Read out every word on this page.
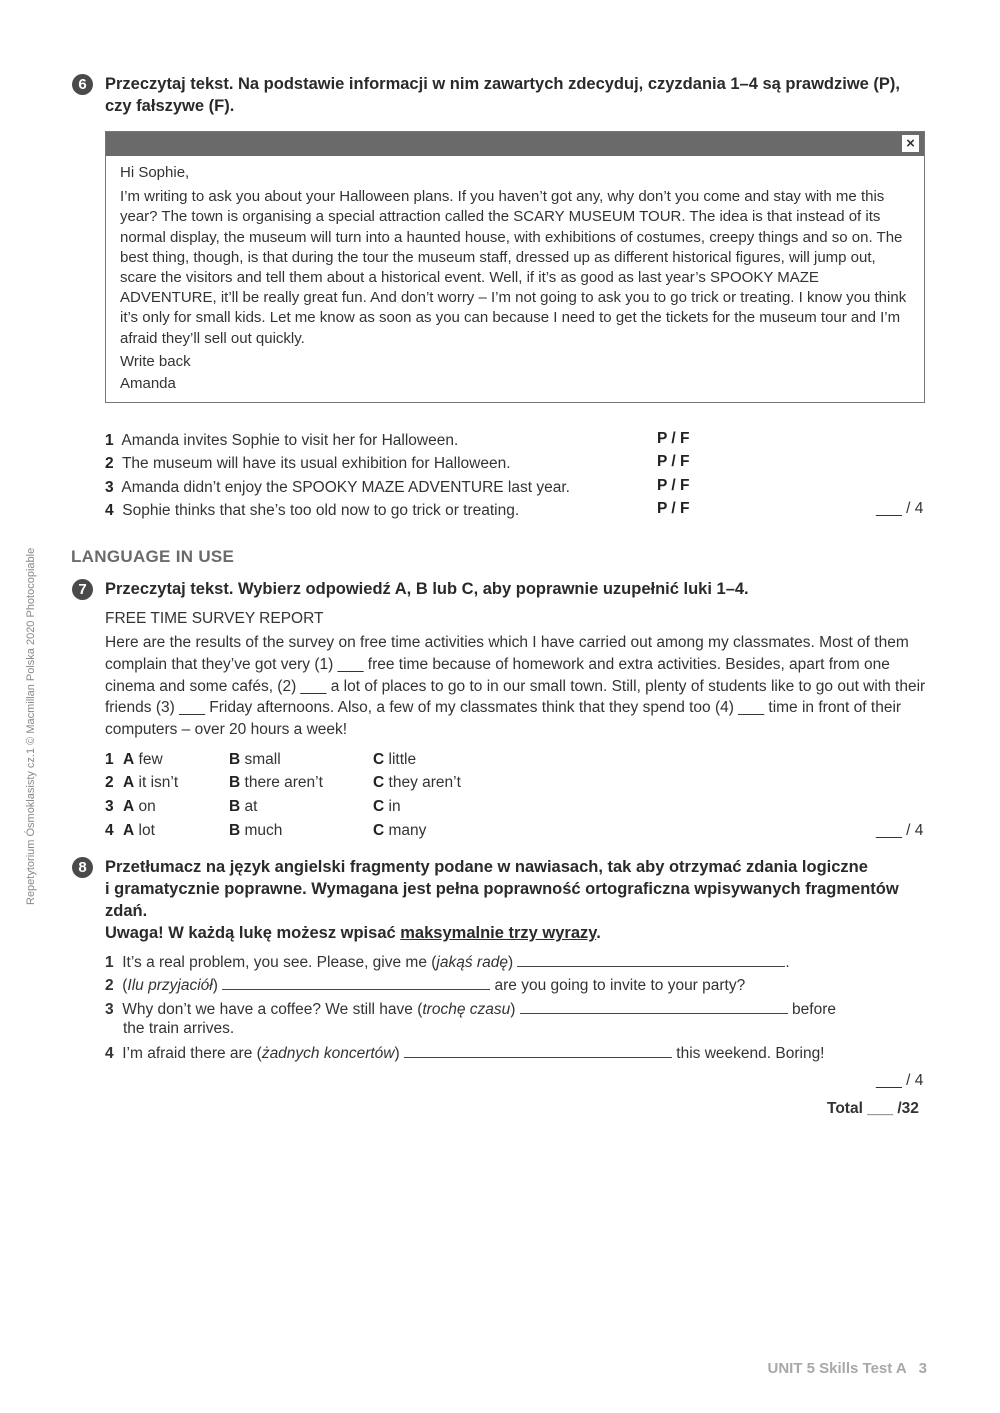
6	Przeczytaj tekst. Na podstawie informacji w nim zawartych zdecyduj, czyzdania 1–4 są prawdziwe (P),
czy fałszywe (F).
×

Hi Sophie,

I’m writing to ask you about your Halloween plans. If you haven’t got any, why don’t you come and stay with me this year? The town is organising a special attraction called the SCARY MUSEUM TOUR. The idea is that instead of its normal display, the museum will turn into a haunted house, with exhibitions of costumes, creepy things and so on. The best thing, though, is that during the tour the museum staff, dressed up as different historical figures, will jump out, scare the visitors and tell them about a historical event. Well, if it’s as good as last year’s SPOOKY MAZE ADVENTURE, it’ll be really great fun. And don’t worry – I’m not going to ask you to go trick or treating. I know you think it’s only for small kids. Let me know as soon as you can because I need to get the tickets for the museum tour and I’m afraid they’ll sell out quickly.

Write back

Amanda

1 Amanda invites Sophie to visit her for Halloween.	P / F
2 The museum will have its usual exhibition for Halloween.	P / F
3 Amanda didn’t enjoy the SPOOKY MAZE ADVENTURE last year.	P / F
4 Sophie thinks that she’s too old now to go trick or treating.	P / F	___ / 4
LANGUAGE IN USE
7	Przeczytaj tekst. Wybierz odpowiedź A, B lub C, aby poprawnie uzupełnić luki 1–4.
FREE TIME SURVEY REPORT
Here are the results of the survey on free time activities which I have carried out among my classmates. Most of them complain that they’ve got very (1) ___ free time because of homework and extra activities. Besides, apart from one cinema and some cafés, (2) ___ a lot of places to go to in our small town. Still, plenty of students like to go out with their friends (3) ___ Friday afternoons. Also, a few of my classmates think that they spend too (4) ___ time in front of their computers – over 20 hours a week!
1 A few	B small	C little
2 A it isn’t	B there aren’t	C they aren’t
3 A on	B at	C in
4 A lot	B much	C many	___ / 4
8	Przetłumacz na język angielski fragmenty podane w nawiasach, tak aby otrzymać zdania logiczne
i gramatycznie poprawne. Wymagana jest pełna poprawność ortograficzna wpisywanych fragmentów
zdań.
Uwaga! W każdą lukę możesz wpisać maksymalnie trzy wyrazy.
1 It’s a real problem, you see. Please, give me (jakąś radę)	.
2 (Ilu przyjaciół)	are you going to invite to your party?
3 Why don’t we have a coffee? We still have (trochę czasu)	before
the train arrives.
4 I’m afraid there are (żadnych koncertów)	this weekend. Boring!
___ / 4
Total ___ /32
Repetytorium Ósmoklasisty cz.1 © Macmillan Polska 2020 Photocopiable
UNIT 5 Skills Test A   3
